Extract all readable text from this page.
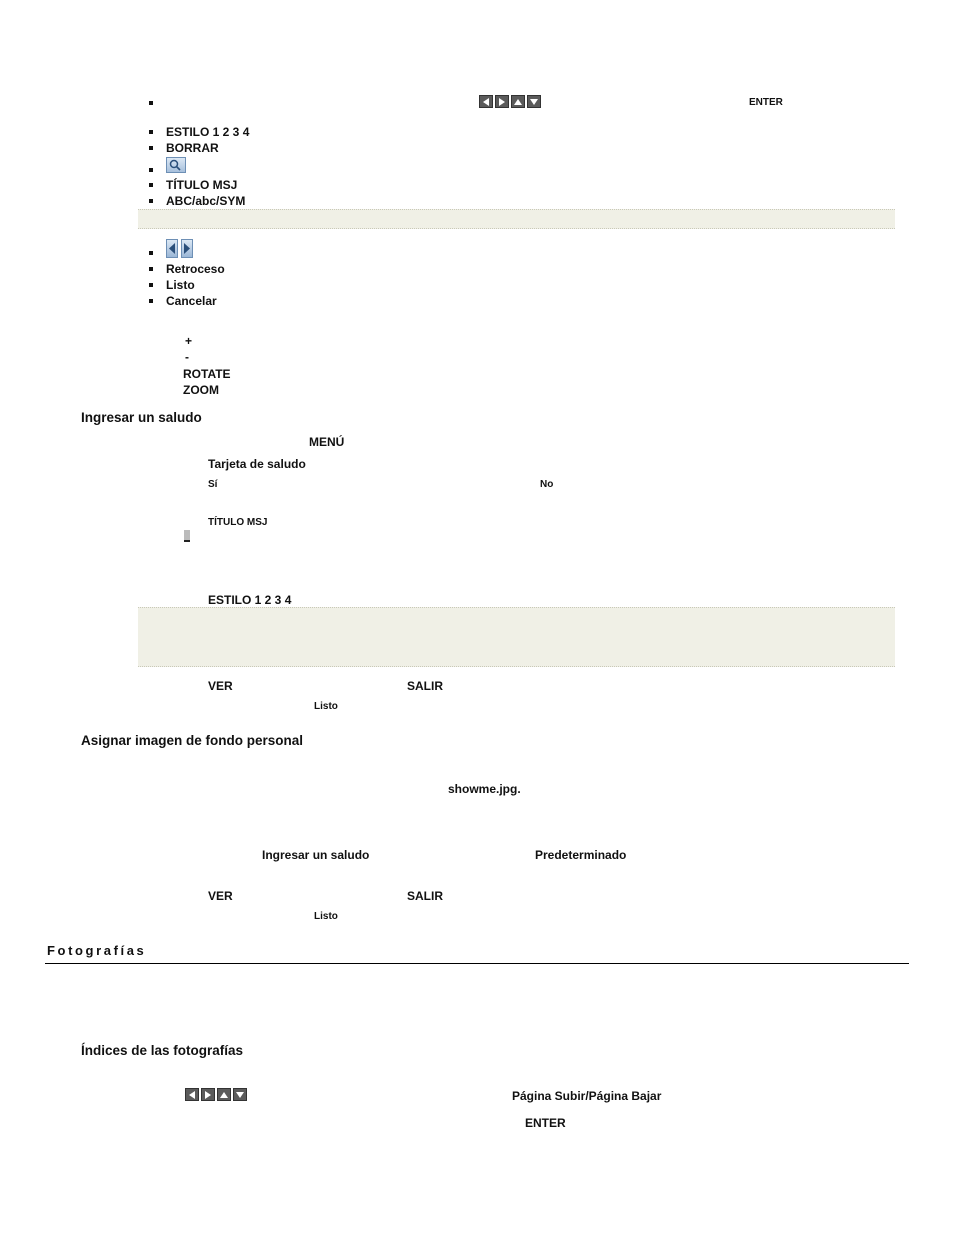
ENTER
ESTILO 1 2 3 4
BORRAR
TÍTULO MSJ
ABC/abc/SYM
Retroceso
Listo
Cancelar
+
-
ROTATE
ZOOM
Ingresar un saludo
MENÚ
Tarjeta de saludo
Sí	No
TÍTULO MSJ
ESTILO 1 2 3 4
VER	SALIR
Listo
Asignar imagen de fondo personal
showme.jpg.
Ingresar un saludo	Predeterminado
VER	SALIR
Listo
Fotografías
Índices de las fotografías
Página Subir/Página Bajar
ENTER
